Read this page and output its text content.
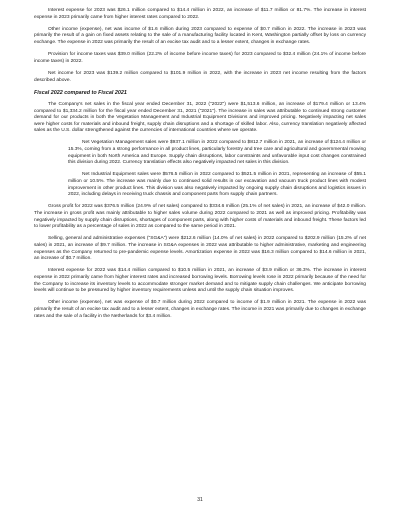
Interest expense for 2023 was $26.1 million compared to $14.4 million in 2022, an increase of $11.7 million or 81.7%. The increase in interest expense in 2023 primarily came from higher interest rates compared to 2022.

Other income (expense), net was income of $1.6 million during 2023 compared to expense of $0.7 million in 2022. The increase in 2023 was primarily the result of a gain on fixed assets relating to the sale of a manufacturing facility located in Kent, Washington partially offset by loss on currency exchange. The expense in 2022 was primarily the result of an excise tax audit and to a lesser extent, changes in exchange rates.

Provision for income taxes was $39.0 million (22.2% of income before income taxes) for 2023 compared to $32.4 million (24.1% of income before income taxes) in 2022.

Net income for 2023 was $139.2 million compared to $101.9 million in 2022, with the increase in 2023 net income resulting from the factors described above.

Fiscal 2022 compared to Fiscal 2021

The Company's net sales in the fiscal year ended December 31, 2022 ("2022") were $1,513.6 million, an increase of $179.4 million or 13.4% compared to $1,334.2 million for the fiscal year ended December 31, 2021 ("2021"). The increase in sales was attributable to continued strong customer demand for our products in both the Vegetation Management and Industrial Equipment Divisions and improved pricing. Negatively impacting net sales were higher costs for materials and inbound freight, supply chain disruptions and a shortage of skilled labor. Also, currency translation negatively affected sales as the U.S. dollar strengthened against the currencies of international countries where we operate.

Net Vegetation Management sales were $937.1 million in 2022 compared to $812.7 million in 2021, an increase of $124.4 million or 15.3%, coming from a strong performance in all product lines, particularly forestry and tree care and agricultural and governmental mowing equipment in both North America and Europe. Supply chain disruptions, labor constraints and unfavorable input cost changes constrained this division during 2022. Currency translation effects also negatively impacted net sales in this division.

Net Industrial Equipment sales were $576.5 million in 2022 compared to $521.5 million in 2021, representing an increase of $55.1 million or 10.5%. The increase was mainly due to continued solid results in our excavation and vacuum truck product lines with modest improvement in other product lines. This division was also negatively impacted by ongoing supply chain disruptions and logistics issues in 2022, including delays in receiving truck chassis and component parts from supply chain partners.

Gross profit for 2022 was $376.5 million (24.9% of net sales) compared to $334.6 million (25.1% of net sales) in 2021, an increase of $42.0 million. The increase in gross profit was mainly attributable to higher sales volume during 2022 compared to 2021 as well as improved pricing. Profitability was negatively impacted by supply chain disruptions, shortages of component parts, along with higher costs of materials and inbound freight. These factors led to lower profitability as a percentage of sales in 2022 as compared to the same period in 2021.

Selling, general and administrative expenses ("SG&A") were $212.6 million (14.0% of net sales) in 2022 compared to $202.9 million (15.2% of net sales) in 2021, an increase of $9.7 million. The increase in SG&A expenses in 2022 was attributable to higher administrative, marketing and engineering expenses as the Company returned to pre-pandemic expense levels. Amortization expense in 2022 was $16.3 million compared to $14.6 million in 2021, an increase of $0.7 million.

Interest expense for 2022 was $14.4 million compared to $10.5 million in 2021, an increase of $3.9 million or 36.3%. The increase in interest expense in 2022 primarily came from higher interest rates and increased borrowing levels. Borrowing levels rose in 2022 primarily because of the need for the Company to increase its inventory levels to accommodate stronger market demand and to mitigate supply chain challenges. We anticipate borrowing levels will continue to be pressured by higher inventory requirements unless and until the supply chain situation improves.

Other income (expense), net was expense of $0.7 million during 2022 compared to income of $1.9 million in 2021. The expense in 2022 was primarily the result of an excise tax audit and to a lesser extent, changes in exchange rates. The income in 2021 was primarily due to changes in exchange rates and the sale of a facility in the Netherlands for $3.4 million.

31
